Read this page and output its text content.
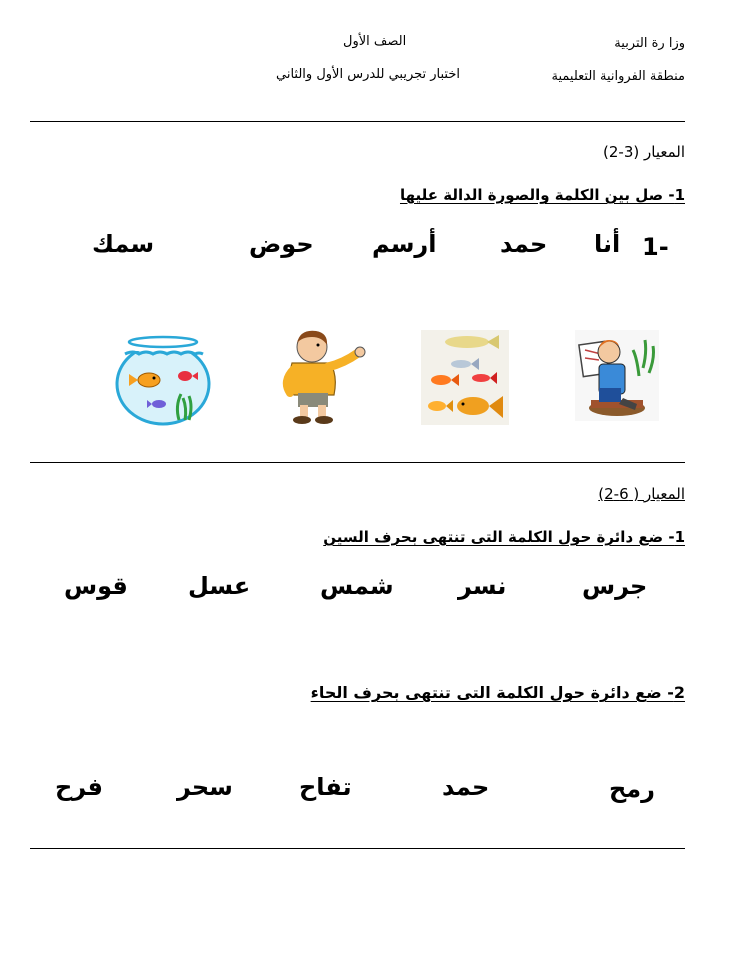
وزا رة التربية
الصف الأول
منطقة الفروانية التعليمية
اختبار تجريبي للدرس الأول والثاني
المعيار (3-2)
1- صل بين الكلمة والصورة الدالة عليها
1-
أنا
حمد
أرسم
حوض
سمك
المعيار ( 6-2)
1- ضع دائرة حول الكلمة التى تنتهى بحرف السين
جرس
نسر
شمس
عسل
قوس
2- ضع دائرة حول الكلمة التى تنتهى بحرف الحاء
رمح
حمد
تفاح
سحر
فرح
